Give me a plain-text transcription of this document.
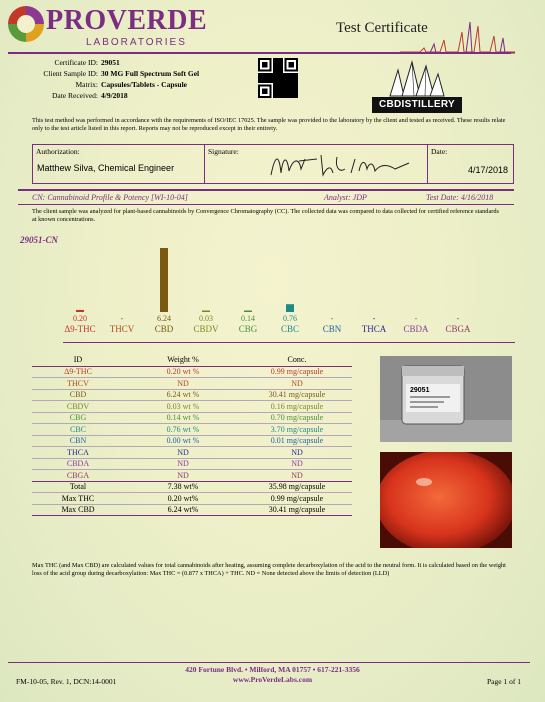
PROVERDE
LABORATORIES
Test Certificate
Certificate ID: 29051
Client Sample ID: 30 MG Full Spectrum Soft Gel
Matrix: Capsules/Tablets - Capsule
Date Received: 4/9/2018
CBDISTILLERY
This test method was performed in accordance with the requirements of ISO/IEC 17025. The sample was provided to the laboratory by the client and tested as received. These results relate only to the test article listed in this report. Reports may not be reproduced except in their entirety.
Authorization:
Matthew Silva, Chemical Engineer
Signature:	Date:
4/17/2018
CN: Cannabinoid Profile & Potency [WI-10-04]	Analyst: JDP	Test Date: 4/16/2018
The client sample was analyzed for plant-based cannabinoids by Convergence Chromatography (CC). The collected data was compared to data collected for certified reference standards at known concentrations.
29051-CN
0.20
Δ9-THC
-
THCV
6.24
CBD
0.03
CBDV
0.14
CBG
0.76
CBC
-
CBN
-
THCA
-
CBDA
-
CBGA
ID	Weight %	Conc.
Δ9-THC	0.20 wt %	0.99 mg/capsule
THCV	ND	ND
CBD	6.24 wt %	30.41 mg/capsule
CBDV	0.03 wt %	0.16 mg/capsule
CBG	0.14 wt %	0.70 mg/capsule
CBC	0.76 wt %	3.70 mg/capsule
CBN	0.00 wt %	0.01 mg/capsule
THCA	ND	ND
CBDA	ND	ND
CBGA	ND	ND
Total	7.38 wt%	35.98 mg/capsule
Max THC	0.20 wt%	0.99 mg/capsule
Max CBD	6.24 wt%	30.41 mg/capsule
29051
Max THC (and Max CBD) are calculated values for total cannabinoids after heating, assuming complete decarboxylation of the acid to the neutral form. It is calculated based on the weight loss of the acid group during decarboxylation: Max THC = (0.877 x THCA) + THC. ND = None detected above the limits of detection (LLD)
FM-10-05, Rev. 1, DCN:14-0001
420 Fortune Blvd. • Milford, MA 01757 • 617-221-3356
www.ProVerdeLabs.com	Page 1 of 1
